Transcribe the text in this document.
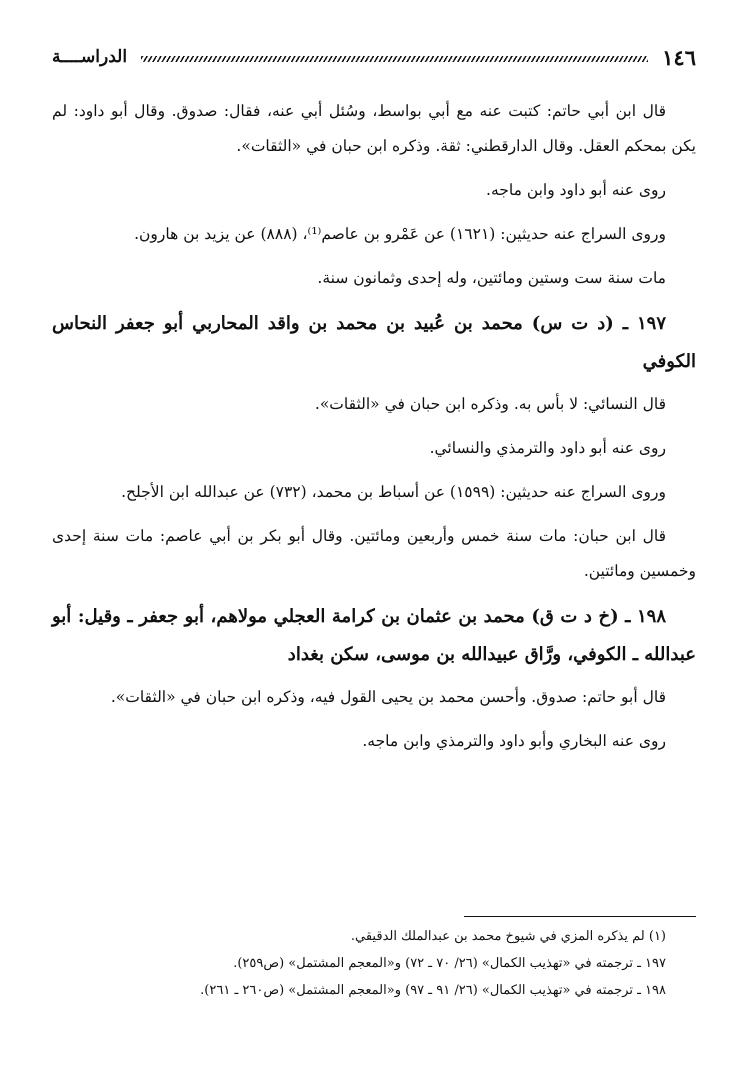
١٤٦
الدراســــة

قال ابن أبي حاتم: كتبت عنه مع أبي بواسط، وسُئل أبي عنه، فقال: صدوق. وقال أبو داود: لم يكن بمحكم العقل. وقال الدارقطني: ثقة. وذكره ابن حبان في «الثقات».

روى عنه أبو داود وابن ماجه.

وروى السراج عنه حديثين: (١٦٢١) عن عَمْرو بن عاصم⁽¹⁾، (٨٨٨) عن يزيد بن هارون.

مات سنة ست وستين ومائتين، وله إحدى وثمانون سنة.

١٩٧ ـ (د ت س) محمد بن عُبيد بن محمد بن واقد المحاربي أبو جعفر النحاس الكوفي

قال النسائي: لا بأس به. وذكره ابن حبان في «الثقات».

روى عنه أبو داود والترمذي والنسائي.

وروى السراج عنه حديثين: (١٥٩٩) عن أسباط بن محمد، (٧٣٢) عن عبدالله ابن الأجلح.

قال ابن حبان: مات سنة خمس وأربعين ومائتين. وقال أبو بكر بن أبي عاصم: مات سنة إحدى وخمسين ومائتين.

١٩٨ ـ (خ د ت ق) محمد بن عثمان بن كرامة العجلي مولاهم، أبو جعفر ـ وقيل: أبو عبدالله ـ الكوفي، ورَّاق عبيدالله بن موسى، سكن بغداد

قال أبو حاتم: صدوق. وأحسن محمد بن يحيى القول فيه، وذكره ابن حبان في «الثقات».

روى عنه البخاري وأبو داود والترمذي وابن ماجه.

(١) لم يذكره المزي في شيوخ محمد بن عبدالملك الدقيقي.

١٩٧ ـ ترجمته في «تهذيب الكمال» (٢٦/ ٧٠ ـ ٧٢) و«المعجم المشتمل» (ص٢٥٩).

١٩٨ ـ ترجمته في «تهذيب الكمال» (٢٦/ ٩١ ـ ٩٧) و«المعجم المشتمل» (ص٢٦٠ ـ ٢٦١).
